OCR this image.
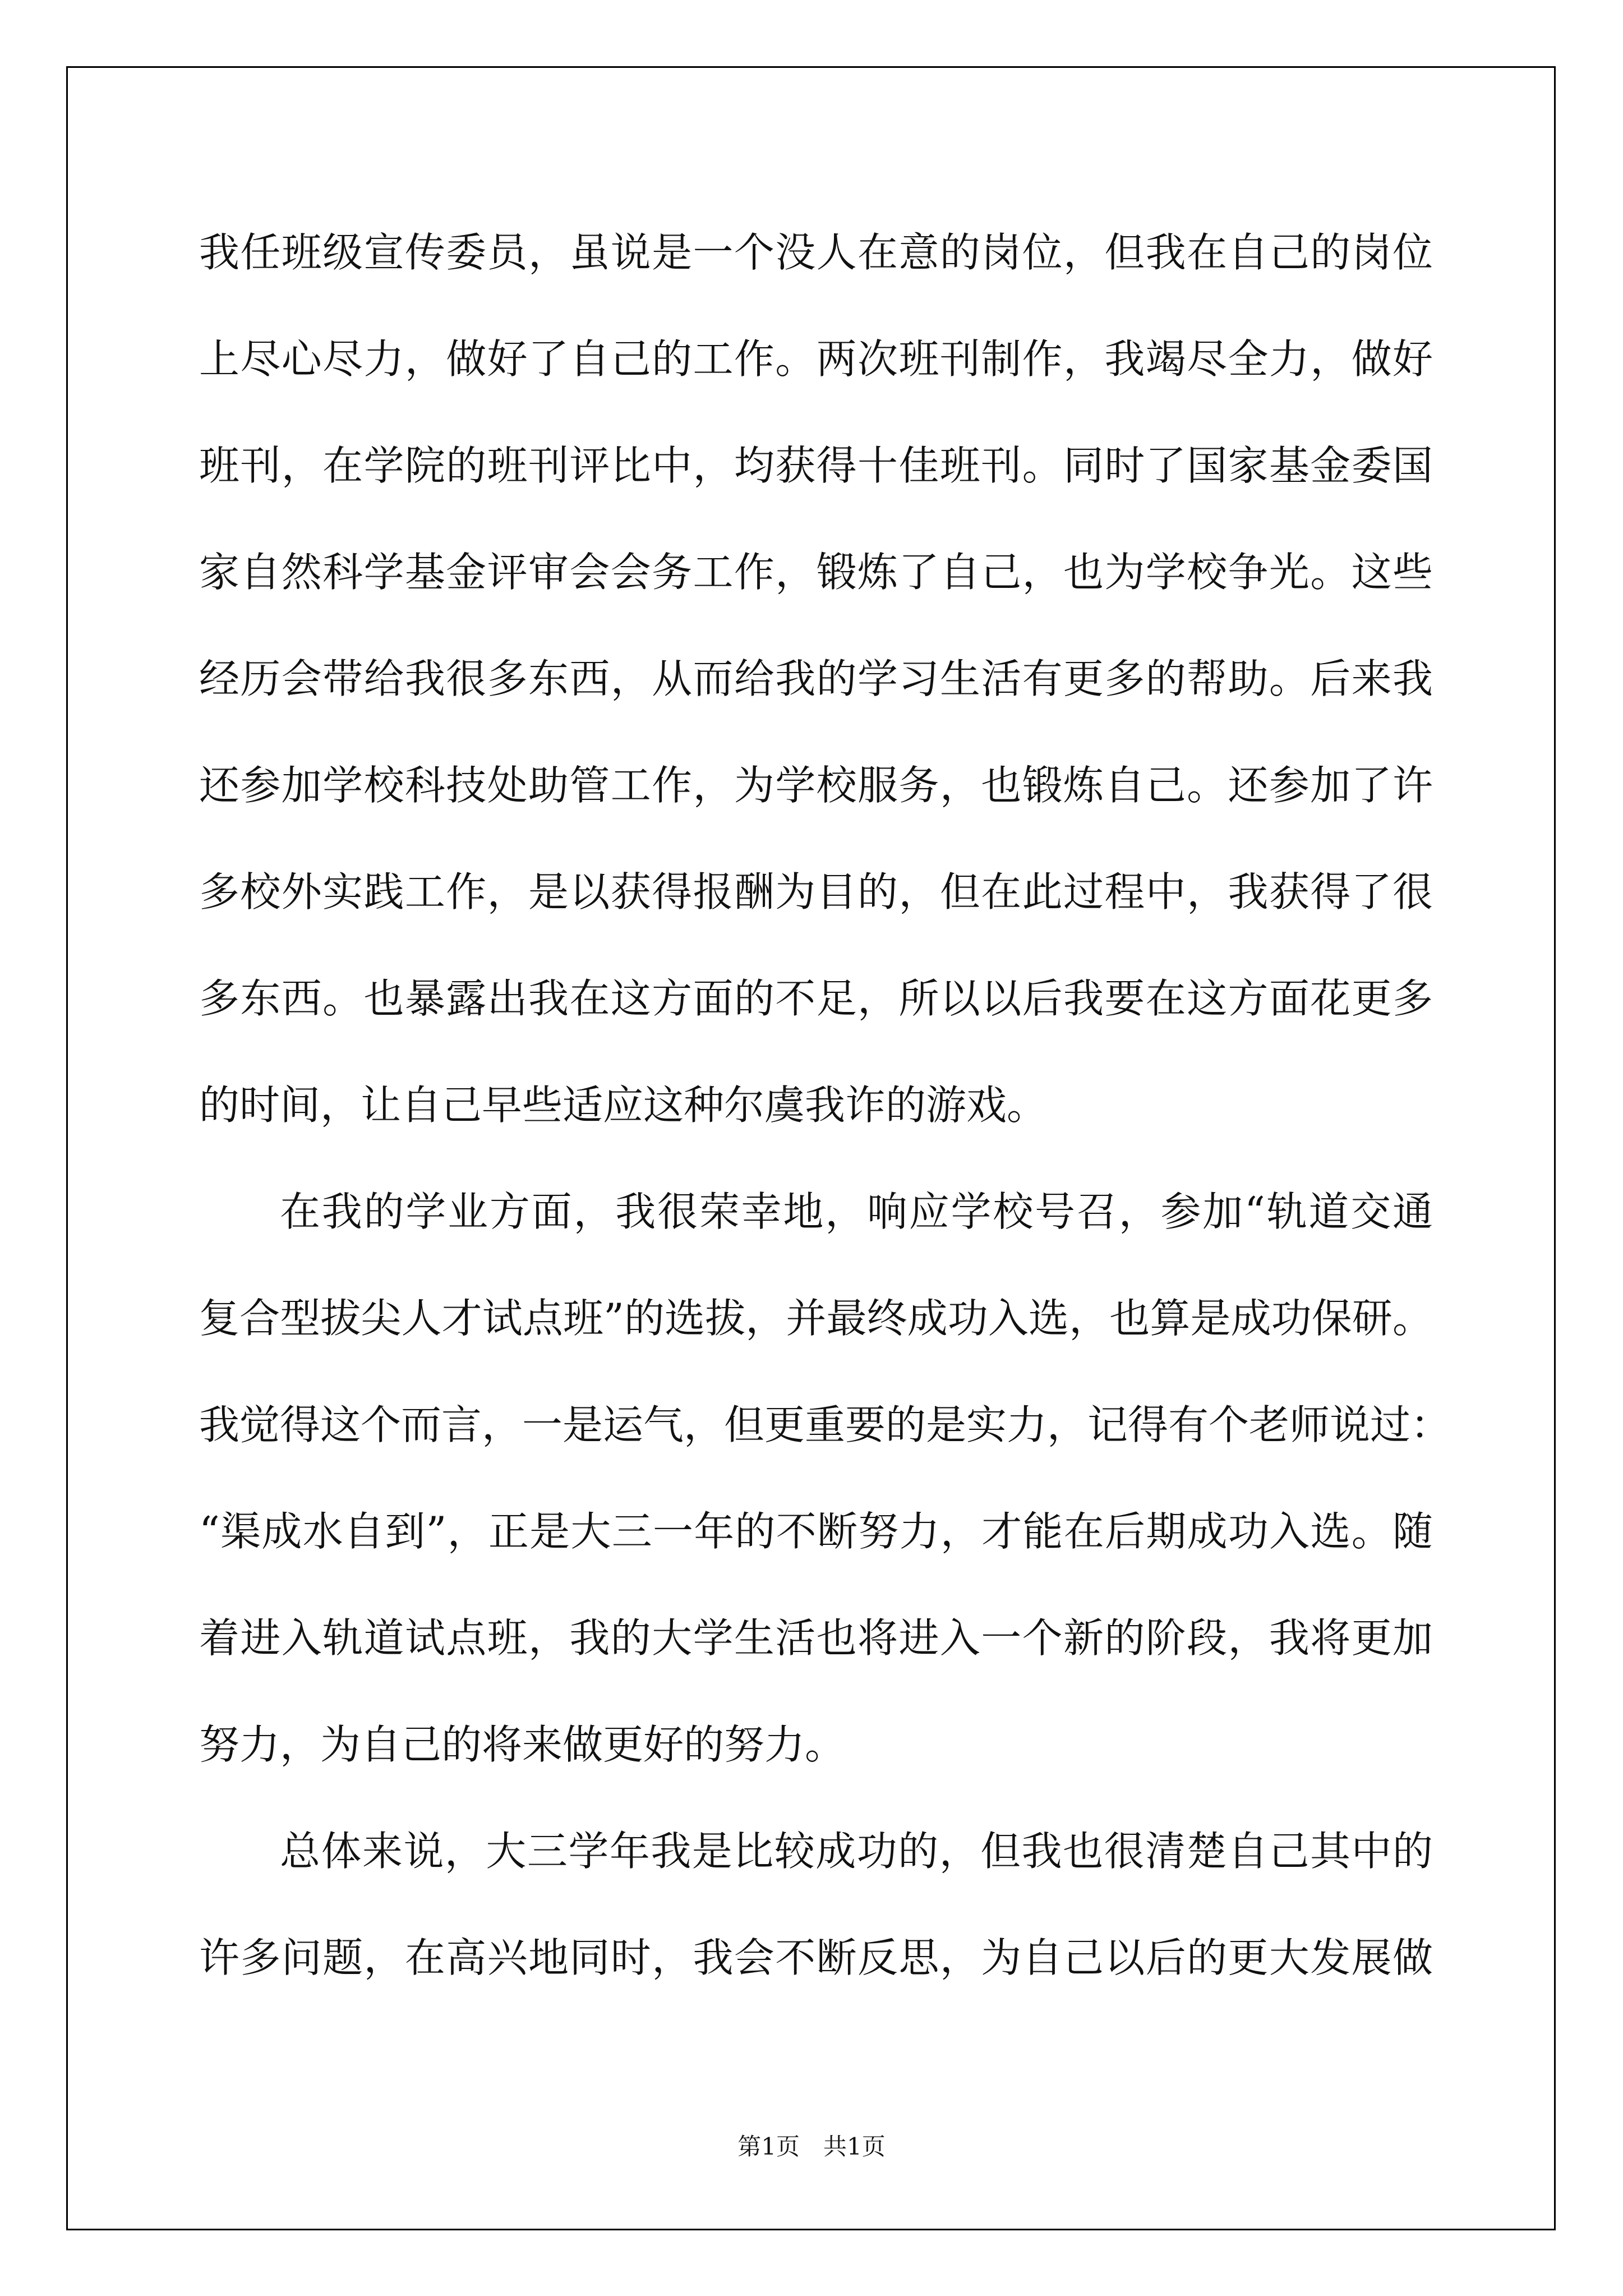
我任班级宣传委员，虽说是一个没人在意的岗位，但我在自己的岗位
上尽心尽力，做好了自己的工作。两次班刊制作，我竭尽全力，做好
班刊，在学院的班刊评比中，均获得十佳班刊。同时了国家基金委国
家自然科学基金评审会会务工作，锻炼了自己，也为学校争光。这些
经历会带给我很多东西，从而给我的学习生活有更多的帮助。后来我
还参加学校科技处助管工作，为学校服务，也锻炼自己。还参加了许
多校外实践工作，是以获得报酬为目的，但在此过程中，我获得了很
多东西。也暴露出我在这方面的不足，所以以后我要在这方面花更多
的时间，让自己早些适应这种尔虞我诈的游戏。
在我的学业方面，我很荣幸地，响应学校号召，参加“轨道交通
复合型拔尖人才试点班”的选拔，并最终成功入选，也算是成功保研。
我觉得这个而言，一是运气，但更重要的是实力，记得有个老师说过：
“渠成水自到”，正是大三一年的不断努力，才能在后期成功入选。随
着进入轨道试点班，我的大学生活也将进入一个新的阶段，我将更加
努力，为自己的将来做更好的努力。
总体来说，大三学年我是比较成功的，但我也很清楚自己其中的
许多问题，在高兴地同时，我会不断反思，为自己以后的更大发展做
第1页　共1页
